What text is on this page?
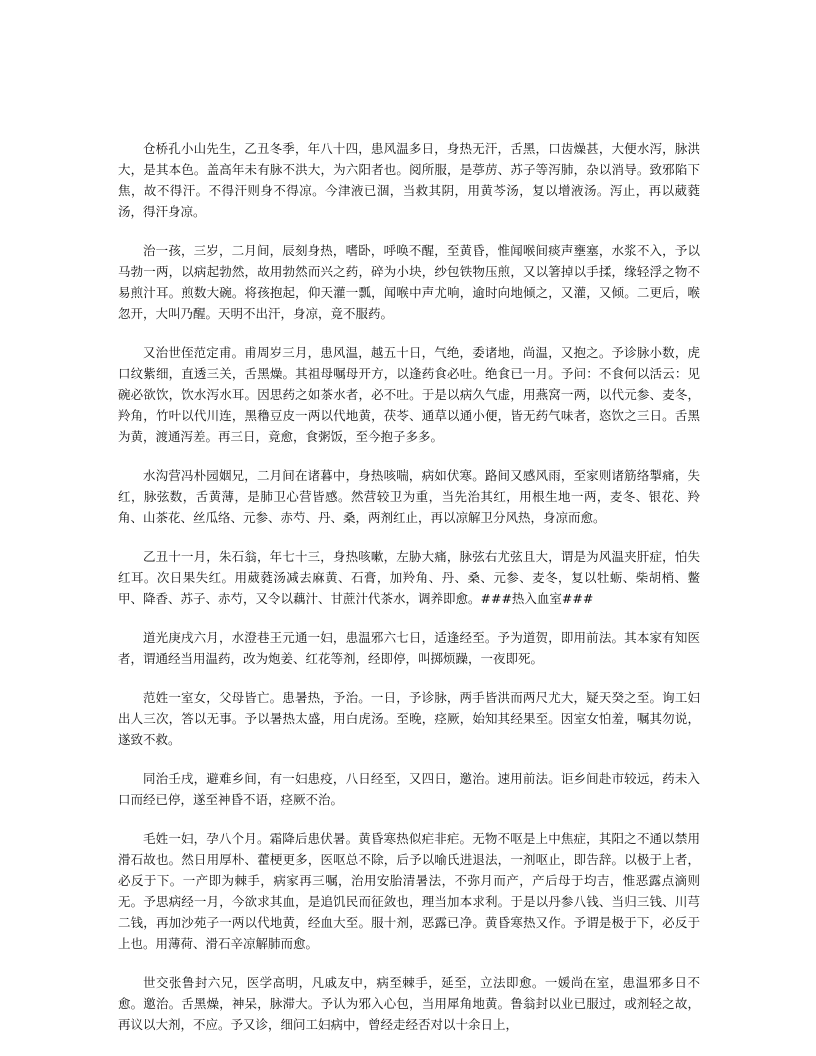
仓桥孔小山先生，乙丑冬季，年八十四，患风温多日，身热无汗，舌黑，口齿燥甚，大便水泻，脉洪大，是其本色。盖高年未有脉不洪大，为六阳者也。阅所服，是葶苈、苏子等泻肺，杂以消导。致邪陷下焦，故不得汗。不得汗则身不得凉。今津液已涸，当救其阴，用黄芩汤，复以增液汤。泻止，再以葳蕤汤，得汗身凉。

治一孩，三岁，二月间，辰刻身热，嗜卧，呼唤不醒，至黄昏，惟闻喉间痰声壅塞，水浆不入，予以马勃一两，以病起勃然，故用勃然而兴之药，碎为小块，纱包铁物压煎，又以箸掉以手揉，缘轻浮之物不易煎汁耳。煎数大碗。将孩抱起，仰天灌一瓢，闻喉中声尤响，逾时向地倾之，又灌，又倾。二更后，喉忽开，大叫乃醒。天明不出汗，身凉，竟不服药。

又治世侄范定甫。甫周岁三月，患风温，越五十日，气绝，委诸地，尚温，又抱之。予诊脉小数，虎口纹紫细，直透三关，舌黑燥。其祖母嘱母开方，以逢药食必吐。绝食已一月。予问：不食何以活云：见碗必欲饮，饮水泻水耳。因思药之如茶水者，必不吐。于是以病久气虚，用燕窝一两，以代元参、麦冬，羚角，竹叶以代川连，黑穞豆皮一两以代地黄，茯苓、通草以通小便，皆无药气味者，恣饮之三日。舌黑为黄，渡通泻差。再三日，竟愈，食粥饭，至今抱子多多。

水沟营冯朴园姻兄，二月间在诸暮中，身热咳喘，病如伏寒。路间又感风雨，至家则诸筋络掣痛，失红，脉弦数，舌黄薄，是肺卫心营皆感。然营较卫为重，当先治其红，用根生地一两，麦冬、银花、羚角、山茶花、丝瓜络、元参、赤芍、丹、桑，两剂红止，再以凉解卫分风热，身凉而愈。

乙丑十一月，朱石翁，年七十三，身热咳嗽，左胁大痛，脉弦右尤弦且大，谓是为风温夹肝症，怕失红耳。次日果失红。用葳蕤汤减去麻黄、石膏，加羚角、丹、桑、元参、麦冬，复以牡蛎、柴胡梢、鳖甲、降香、苏子、赤芍，又令以藕汁、甘蔗汁代茶水，调养即愈。###热入血室###

道光庚戌六月，水澄巷王元通一妇，患温邪六七日，适逢经至。予为道贺，即用前法。其本家有知医者，谓通经当用温药，改为炮姜、红花等剂，经即停，叫掷烦躁，一夜即死。

范姓一室女，父母皆亡。患暑热，予治。一日，予诊脉，两手皆洪而两尺尤大，疑天癸之至。询工妇出人三次，答以无事。予以暑热太盛，用白虎汤。至晚，痉厥，始知其经果至。因室女怕羞，嘱其勿说，遂致不救。

同治壬戌，避难乡间，有一妇患疫，八日经至，又四日，邀治。速用前法。讵乡间赴市较远，药未入口而经已停，遂至神昏不语，痉厥不治。

毛姓一妇，孕八个月。霜降后患伏暑。黄昏寒热似疟非疟。无物不呕是上中焦症，其阳之不通以禁用滑石故也。然日用厚朴、藿梗更多，医呕总不除，后予以喻氏进退法，一剂呕止，即告辞。以极于上者，必反于下。一产即为棘手，病家再三嘱，治用安胎清暑法，不弥月而产，产后母于均吉，惟恶露点滴则无。予思病经一月，今欲求其血，是追饥民而征敛也，理当加本求利。于是以丹参八钱、当归三钱、川芎二钱，再加沙苑子一两以代地黄，经血大至。服十剂，恶露已净。黄昏寒热又作。予谓是极于下，必反于上也。用薄荷、滑石辛凉解肺而愈。

世交张鲁封六兄，医学高明，凡戚友中，病至棘手，延至，立法即愈。一媛尚在室，患温邪多日不愈。邀治。舌黑燥，神呆，脉滞大。予认为邪入心包，当用犀角地黄。鲁翁封以业已服过，或剂轻之故，再议以大剂，不应。予又诊，细问工妇病中，曾经走经否对以十余日上，
